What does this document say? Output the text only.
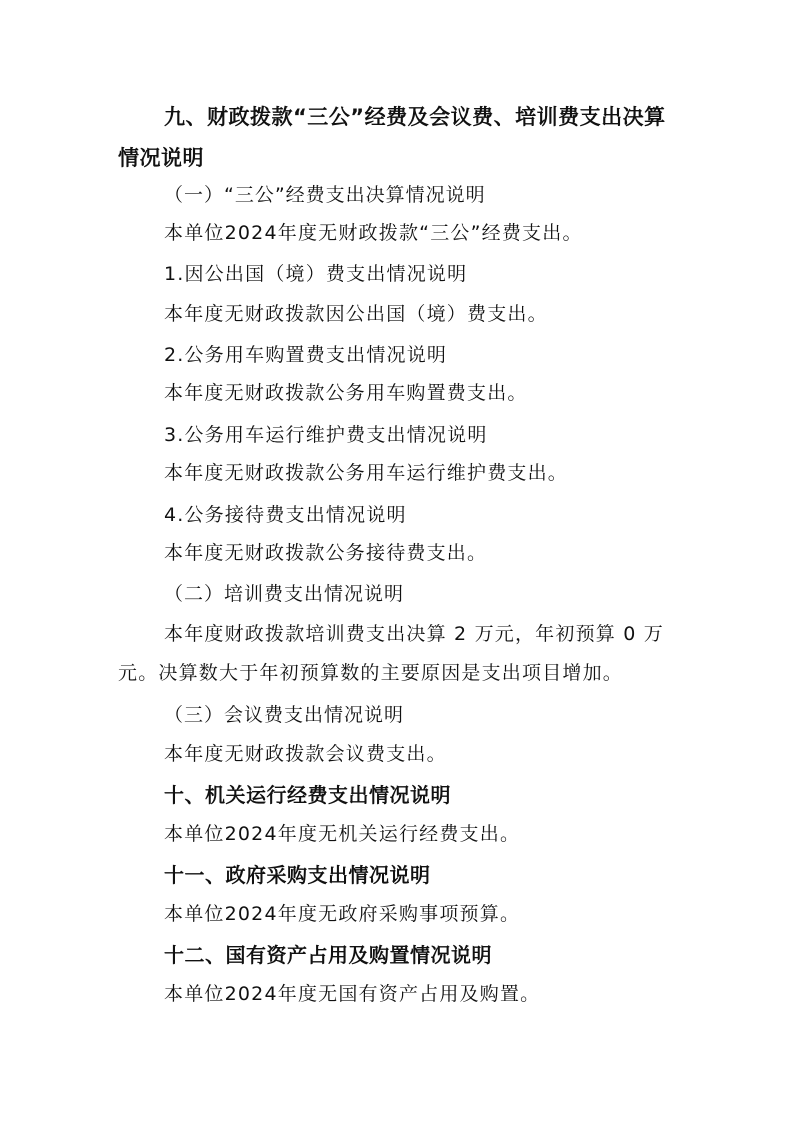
九、财政拨款“三公”经费及会议费、培训费支出决算
情况说明
（一）“三公”经费支出决算情况说明
本单位2024年度无财政拨款“三公”经费支出。
1.因公出国（境）费支出情况说明
本年度无财政拨款因公出国（境）费支出。
2.公务用车购置费支出情况说明
本年度无财政拨款公务用车购置费支出。
3.公务用车运行维护费支出情况说明
本年度无财政拨款公务用车运行维护费支出。
4.公务接待费支出情况说明
本年度无财政拨款公务接待费支出。
（二）培训费支出情况说明
本年度财政拨款培训费支出决算 2 万元，年初预算 0 万
元。决算数大于年初预算数的主要原因是支出项目增加。
（三）会议费支出情况说明
本年度无财政拨款会议费支出。
十、机关运行经费支出情况说明
本单位2024年度无机关运行经费支出。
十一、政府采购支出情况说明
本单位2024年度无政府采购事项预算。
十二、国有资产占用及购置情况说明
本单位2024年度无国有资产占用及购置。
